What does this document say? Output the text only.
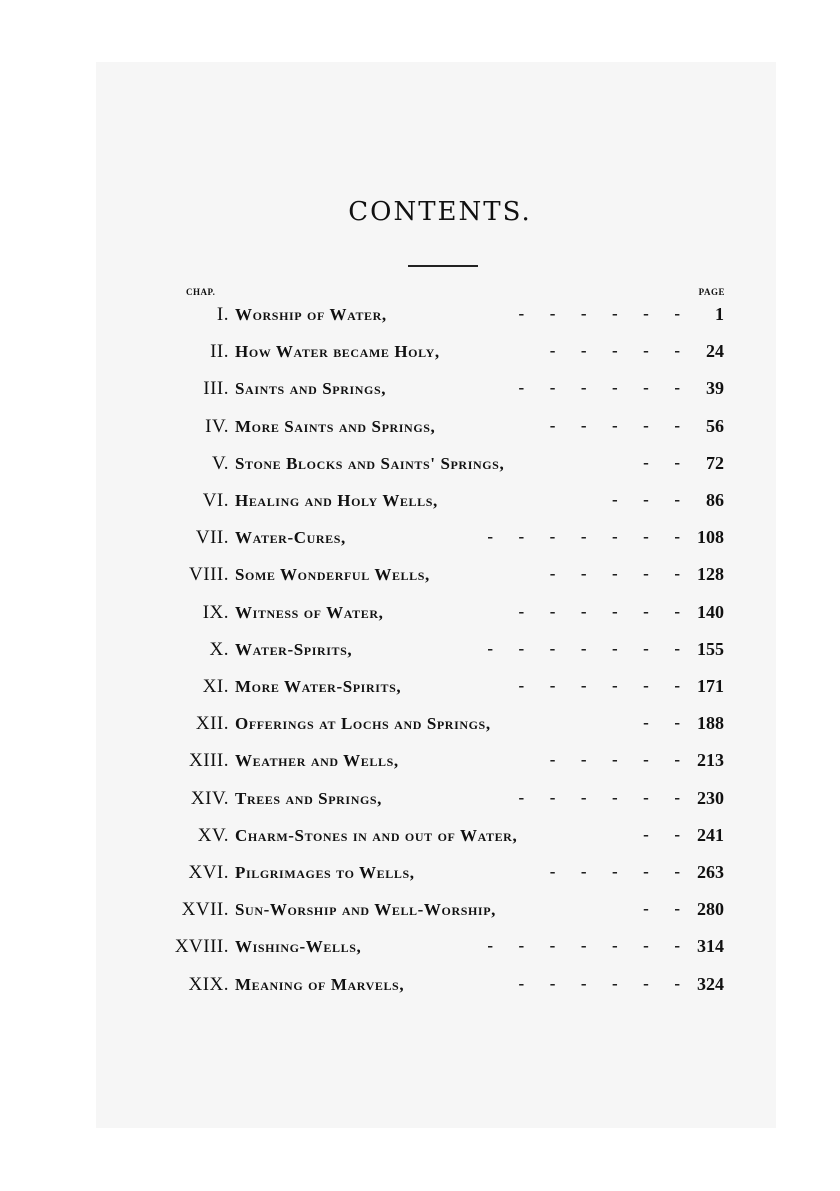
CONTENTS.
CHAP.	PAGE
I. Worship of Water,	-      -      -      -      -      -	1
II. How Water became Holy,	-      -      -      -      -	24
III. Saints and Springs,	-      -      -      -      -      -	39
IV. More Saints and Springs,	-      -      -      -      -	56
V. Stone Blocks and Saints' Springs,	-      -	72
VI. Healing and Holy Wells,	-      -      -	86
VII. Water-Cures,	-      -      -      -      -      -      - 108
VIII. Some Wonderful Wells,	-      -      -      -      - 128
IX. Witness of Water,	-      -      -      -      -      - 140
X. Water-Spirits,	-      -      -      -      -      -      - 155
XI. More Water-Spirits,	-      -      -      -      -      - 171
XII. Offerings at Lochs and Springs,	-      - 188
XIII. Weather and Wells,	-      -      -      -      - 213
XIV. Trees and Springs,	-      -      -      -      -      - 230
XV. Charm-Stones in and out of Water,	-      - 241
XVI. Pilgrimages to Wells,	-      -      -      -      - 263
XVII. Sun-Worship and Well-Worship,	-      - 280
XVIII. Wishing-Wells,	-      -      -      -      -      -      - 314
XIX. Meaning of Marvels,	-      -      -      -      -      - 324
